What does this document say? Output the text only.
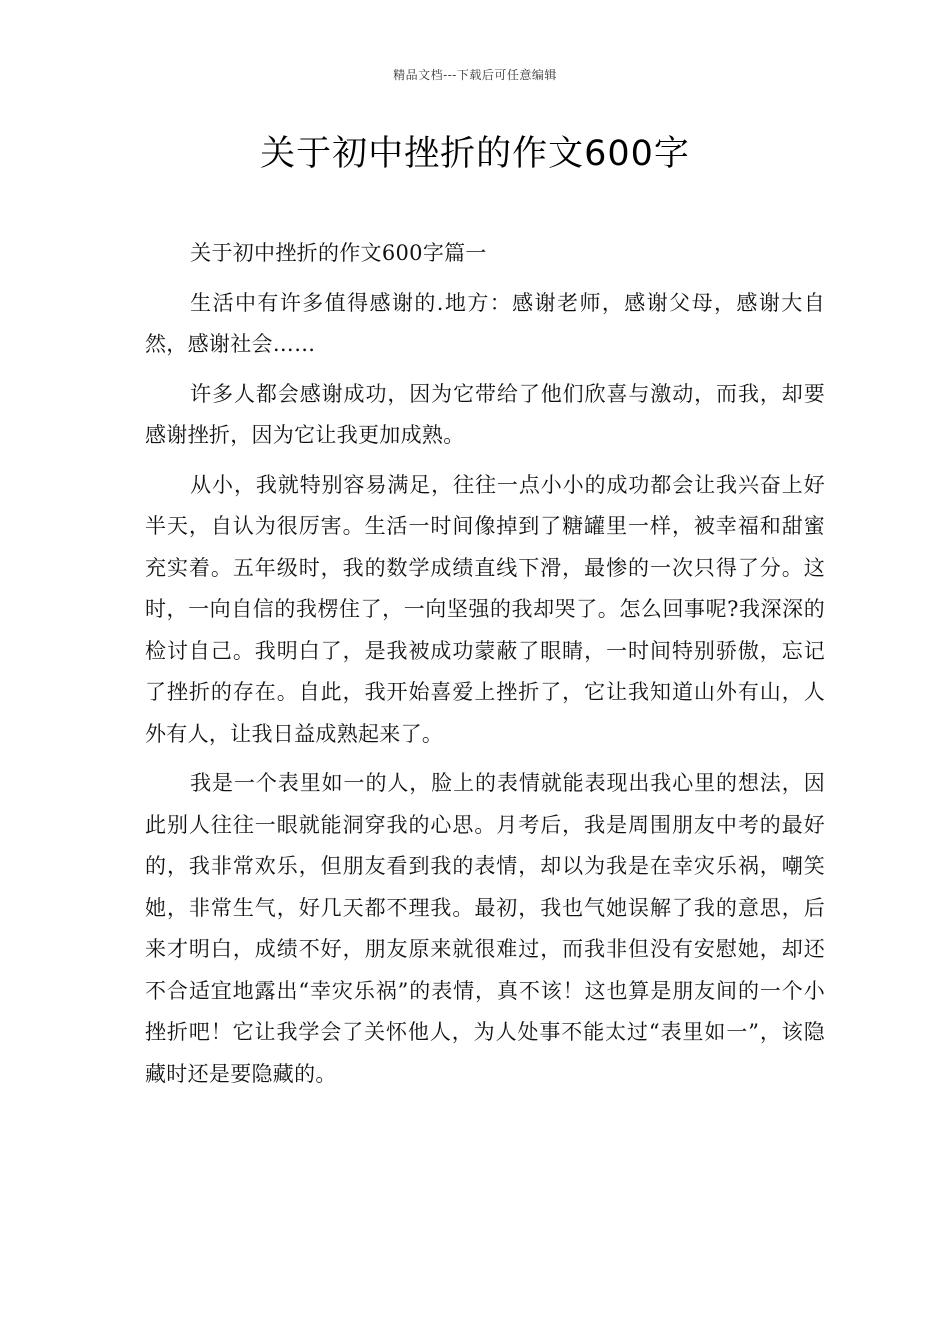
精品文档---下载后可任意编辑
关于初中挫折的作文600字

关于初中挫折的作文600字篇一

生活中有许多值得感谢的.地方：感谢老师，感谢父母，感谢大自然，感谢社会……

许多人都会感谢成功，因为它带给了他们欣喜与激动，而我，却要感谢挫折，因为它让我更加成熟。

从小，我就特别容易满足，往往一点小小的成功都会让我兴奋上好半天，自认为很厉害。生活一时间像掉到了糖罐里一样，被幸福和甜蜜充实着。五年级时，我的数学成绩直线下滑，最惨的一次只得了分。这时，一向自信的我楞住了，一向坚强的我却哭了。怎么回事呢?我深深的检讨自己。我明白了，是我被成功蒙蔽了眼睛，一时间特别骄傲，忘记了挫折的存在。自此，我开始喜爱上挫折了，它让我知道山外有山，人外有人，让我日益成熟起来了。

我是一个表里如一的人，脸上的表情就能表现出我心里的想法，因此别人往往一眼就能洞穿我的心思。月考后，我是周围朋友中考的最好的，我非常欢乐，但朋友看到我的表情，却以为我是在幸灾乐祸，嘲笑她，非常生气，好几天都不理我。最初，我也气她误解了我的意思，后来才明白，成绩不好，朋友原来就很难过，而我非但没有安慰她，却还不合适宜地露出“幸灾乐祸”的表情，真不该！这也算是朋友间的一个小挫折吧！它让我学会了关怀他人，为人处事不能太过“表里如一”，该隐藏时还是要隐藏的。
